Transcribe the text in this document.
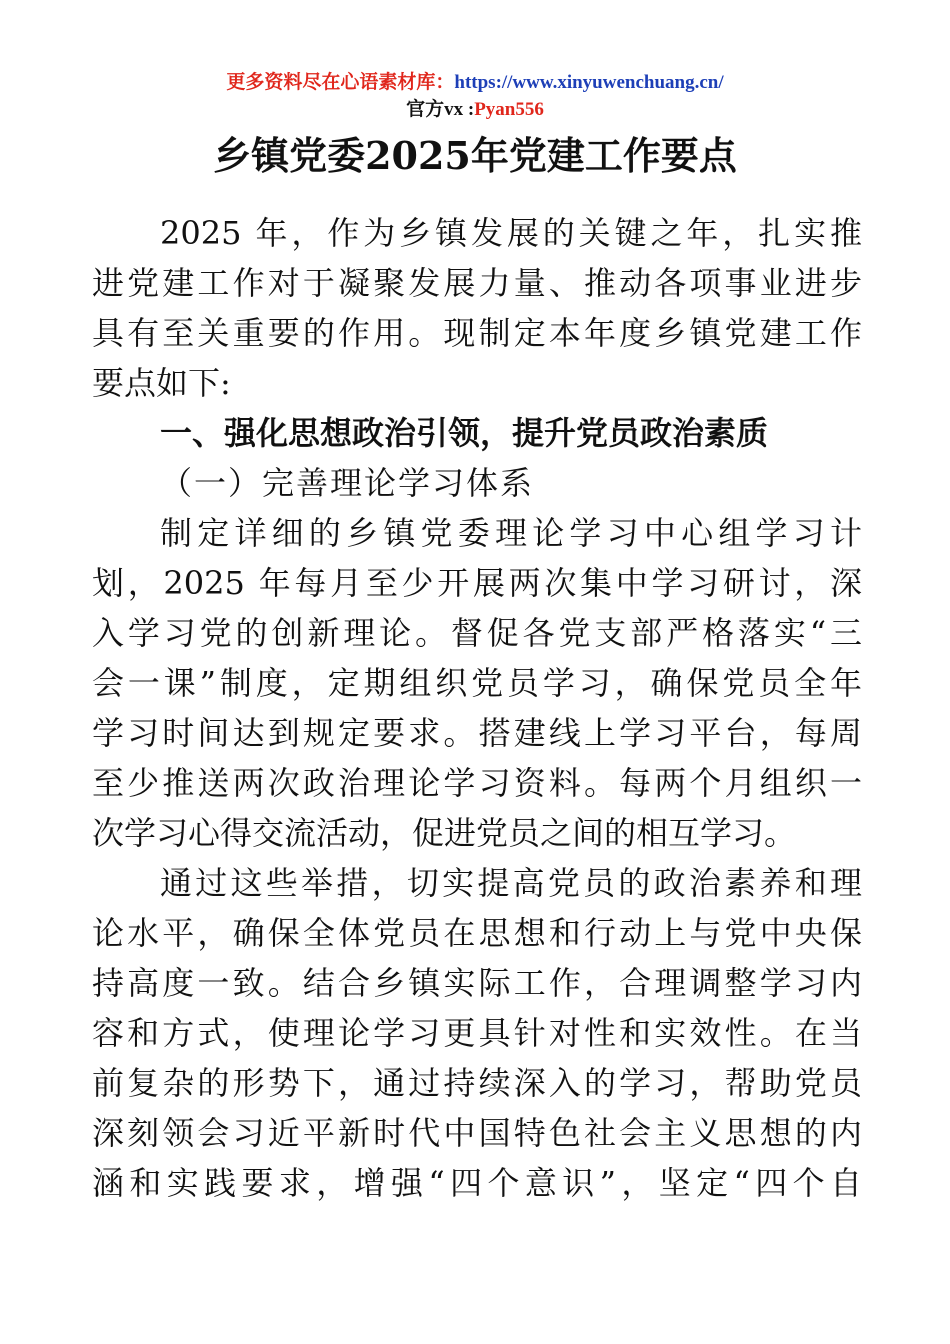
更多资料尽在心语素材库：https://www.xinyuwenchuang.cn/
官方vx :Pyan556
乡镇党委2025年党建工作要点
2025 年，作为乡镇发展的关键之年，扎实推
进党建工作对于凝聚发展力量、推动各项事业进步
具有至关重要的作用。现制定本年度乡镇党建工作
要点如下:
一、强化思想政治引领，提升党员政治素质
（一）完善理论学习体系
制定详细的乡镇党委理论学习中心组学习计
划，2025 年每月至少开展两次集中学习研讨，深
入学习党的创新理论。督促各党支部严格落实“三
会一课”制度，定期组织党员学习，确保党员全年
学习时间达到规定要求。搭建线上学习平台，每周
至少推送两次政治理论学习资料。每两个月组织一
次学习心得交流活动，促进党员之间的相互学习。
通过这些举措，切实提高党员的政治素养和理
论水平，确保全体党员在思想和行动上与党中央保
持高度一致。结合乡镇实际工作，合理调整学习内
容和方式，使理论学习更具针对性和实效性。在当
前复杂的形势下，通过持续深入的学习，帮助党员
深刻领会习近平新时代中国特色社会主义思想的内
涵和实践要求，增强“四个意识”，坚定“四个自
